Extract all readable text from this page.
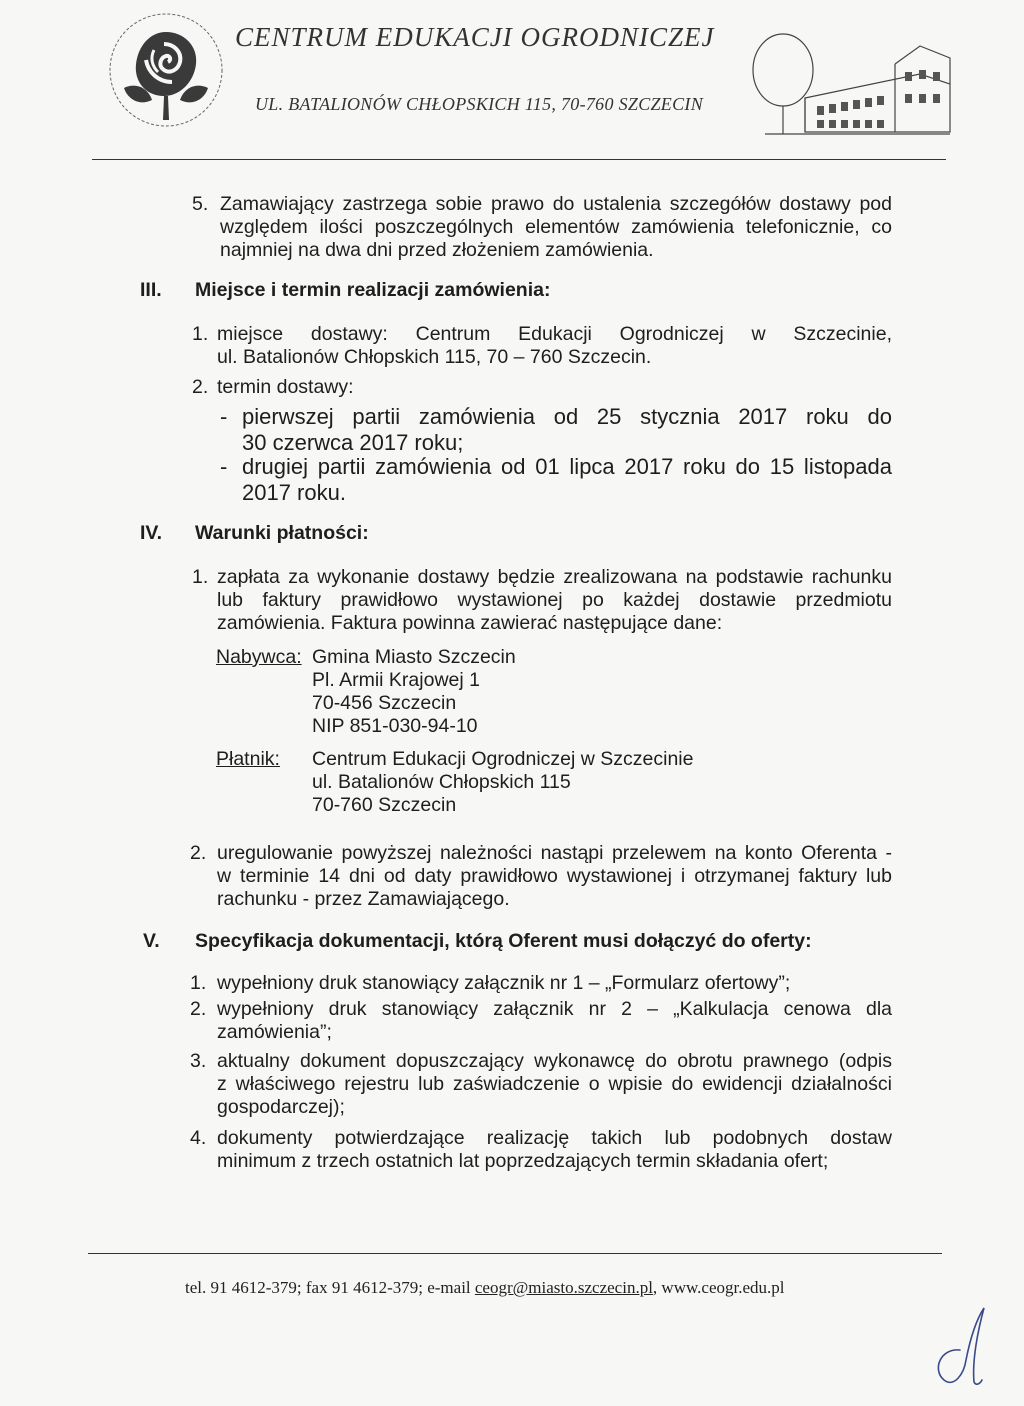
CENTRUM EDUKACJI OGRODNICZEJ
UL. BATALIONÓW CHŁOPSKICH 115, 70-760 SZCZECIN
5. Zamawiający zastrzega sobie prawo do ustalenia szczegółów dostawy pod
względem ilości poszczególnych elementów zamówienia telefonicznie, co
najmniej na dwa dni przed złożeniem zamówienia.
III. Miejsce i termin realizacji zamówienia:
1. miejsce dostawy: Centrum Edukacji Ogrodniczej w Szczecinie,
ul. Batalionów Chłopskich 115, 70 – 760 Szczecin.
2. termin dostawy:
- pierwszej partii zamówienia od 25 stycznia 2017 roku do
30 czerwca 2017 roku;
- drugiej partii zamówienia od 01 lipca 2017 roku do 15 listopada
2017 roku.
IV. Warunki płatności:
1. zapłata za wykonanie dostawy będzie zrealizowana na podstawie rachunku
lub faktury prawidłowo wystawionej po każdej dostawie przedmiotu
zamówienia. Faktura powinna zawierać następujące dane:
Nabywca: Gmina Miasto Szczecin
Pl. Armii Krajowej 1
70-456 Szczecin
NIP 851-030-94-10
Płatnik: Centrum Edukacji Ogrodniczej w Szczecinie
ul. Batalionów Chłopskich 115
70-760 Szczecin
2. uregulowanie powyższej należności nastąpi przelewem na konto Oferenta -
w terminie 14 dni od daty prawidłowo wystawionej i otrzymanej faktury lub
rachunku - przez Zamawiającego.
V. Specyfikacja dokumentacji, którą Oferent musi dołączyć do oferty:
1. wypełniony druk stanowiący załącznik nr 1 – „Formularz ofertowy”;
2. wypełniony druk stanowiący załącznik nr 2 – „Kalkulacja cenowa dla
zamówienia”;
3. aktualny dokument dopuszczający wykonawcę do obrotu prawnego (odpis
z właściwego rejestru lub zaświadczenie o wpisie do ewidencji działalności
gospodarczej);
4. dokumenty potwierdzające realizację takich lub podobnych dostaw
minimum z trzech ostatnich lat poprzedzających termin składania ofert;
tel. 91 4612-379; fax 91 4612-379; e-mail ceogr@miasto.szczecin.pl, www.ceogr.edu.pl
